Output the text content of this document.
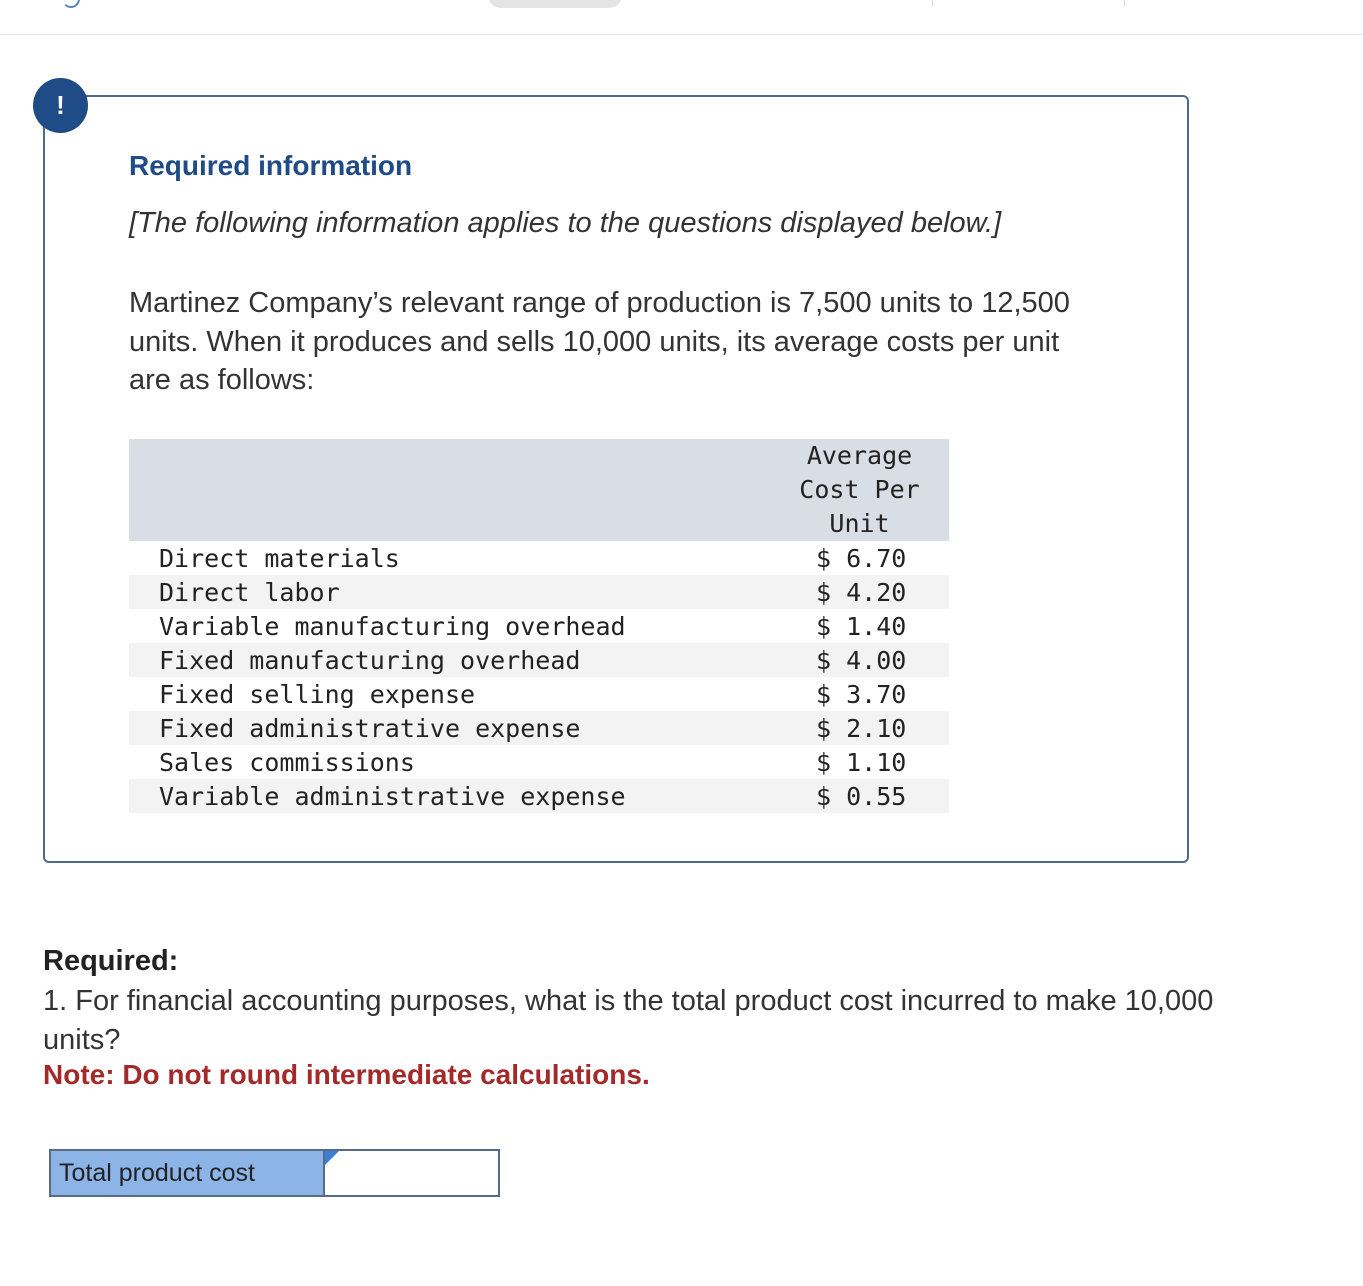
!
Required information
[The following information applies to the questions displayed below.]
Martinez Company’s relevant range of production is 7,500 units to 12,500 units. When it produces and sells 10,000 units, its average costs per unit are as follows:
Average
Cost Per
Unit
Direct materials	$ 6.70
Direct labor	$ 4.20
Variable manufacturing overhead	$ 1.40
Fixed manufacturing overhead	$ 4.00
Fixed selling expense	$ 3.70
Fixed administrative expense	$ 2.10
Sales commissions	$ 1.10
Variable administrative expense	$ 0.55
Required:
1. For financial accounting purposes, what is the total product cost incurred to make 10,000 units?
Note: Do not round intermediate calculations.
Total product cost
